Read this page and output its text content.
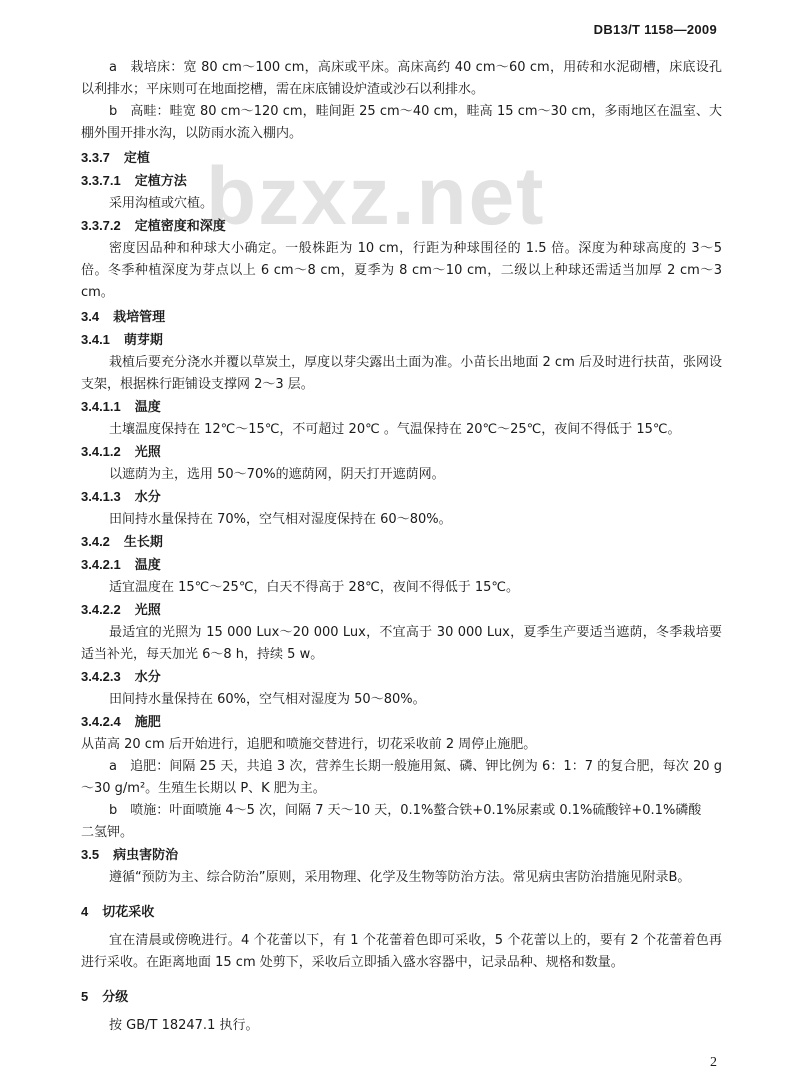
DB13/T 1158—2009
bzxz.net
a　栽培床：宽 80 cm～100 cm，高床或平床。高床高约 40 cm～60 cm，用砖和水泥砌槽，床底设孔以利排水；平床则可在地面挖槽，需在床底铺设炉渣或沙石以利排水。
b　高畦：畦宽 80 cm～120 cm，畦间距 25 cm～40 cm，畦高 15 cm～30 cm，多雨地区在温室、大棚外围开排水沟，以防雨水流入棚内。
3.3.7 定植
3.3.7.1 定植方法
采用沟植或穴植。
3.3.7.2 定植密度和深度
密度因品种和种球大小确定。一般株距为 10 cm，行距为种球围径的 1.5 倍。深度为种球高度的 3～5 倍。冬季种植深度为芽点以上 6 cm～8 cm，夏季为 8 cm～10 cm，二级以上种球还需适当加厚 2 cm～3 cm。
3.4 栽培管理
3.4.1 萌芽期
栽植后要充分浇水并覆以草炭土，厚度以芽尖露出土面为准。小苗长出地面 2 cm 后及时进行扶苗，张网设支架，根据株行距铺设支撑网 2～3 层。
3.4.1.1 温度
土壤温度保持在 12℃～15℃，不可超过 20℃ 。气温保持在 20℃～25℃，夜间不得低于 15℃。
3.4.1.2 光照
以遮荫为主，选用 50～70%的遮荫网，阴天打开遮荫网。
3.4.1.3 水分
田间持水量保持在 70%，空气相对湿度保持在 60～80%。
3.4.2 生长期
3.4.2.1 温度
适宜温度在 15℃～25℃，白天不得高于 28℃，夜间不得低于 15℃。
3.4.2.2 光照
最适宜的光照为 15 000 Lux～20 000 Lux，不宜高于 30 000 Lux，夏季生产要适当遮荫，冬季栽培要适当补光，每天加光 6～8 h，持续 5 w。
3.4.2.3 水分
田间持水量保持在 60%，空气相对湿度为 50～80%。
3.4.2.4 施肥
从苗高 20 cm 后开始进行，追肥和喷施交替进行，切花采收前 2 周停止施肥。
a　追肥：间隔 25 天，共追 3 次，营养生长期一般施用氮、磷、钾比例为 6：1：7 的复合肥，每次 20 g～30 g/m²。生殖生长期以 P、K 肥为主。
b　喷施：叶面喷施 4～5 次，间隔 7 天～10 天，0.1%螯合铁+0.1%尿素或 0.1%硫酸锌+0.1%磷酸
二氢钾。
3.5 病虫害防治
遵循“预防为主、综合防治”原则，采用物理、化学及生物等防治方法。常见病虫害防治措施见附录B。
4 切花采收
宜在清晨或傍晚进行。4 个花蕾以下，有 1 个花蕾着色即可采收，5 个花蕾以上的，要有 2 个花蕾着色再进行采收。在距离地面 15 cm 处剪下，采收后立即插入盛水容器中，记录品种、规格和数量。
5 分级
按 GB/T 18247.1 执行。
2
